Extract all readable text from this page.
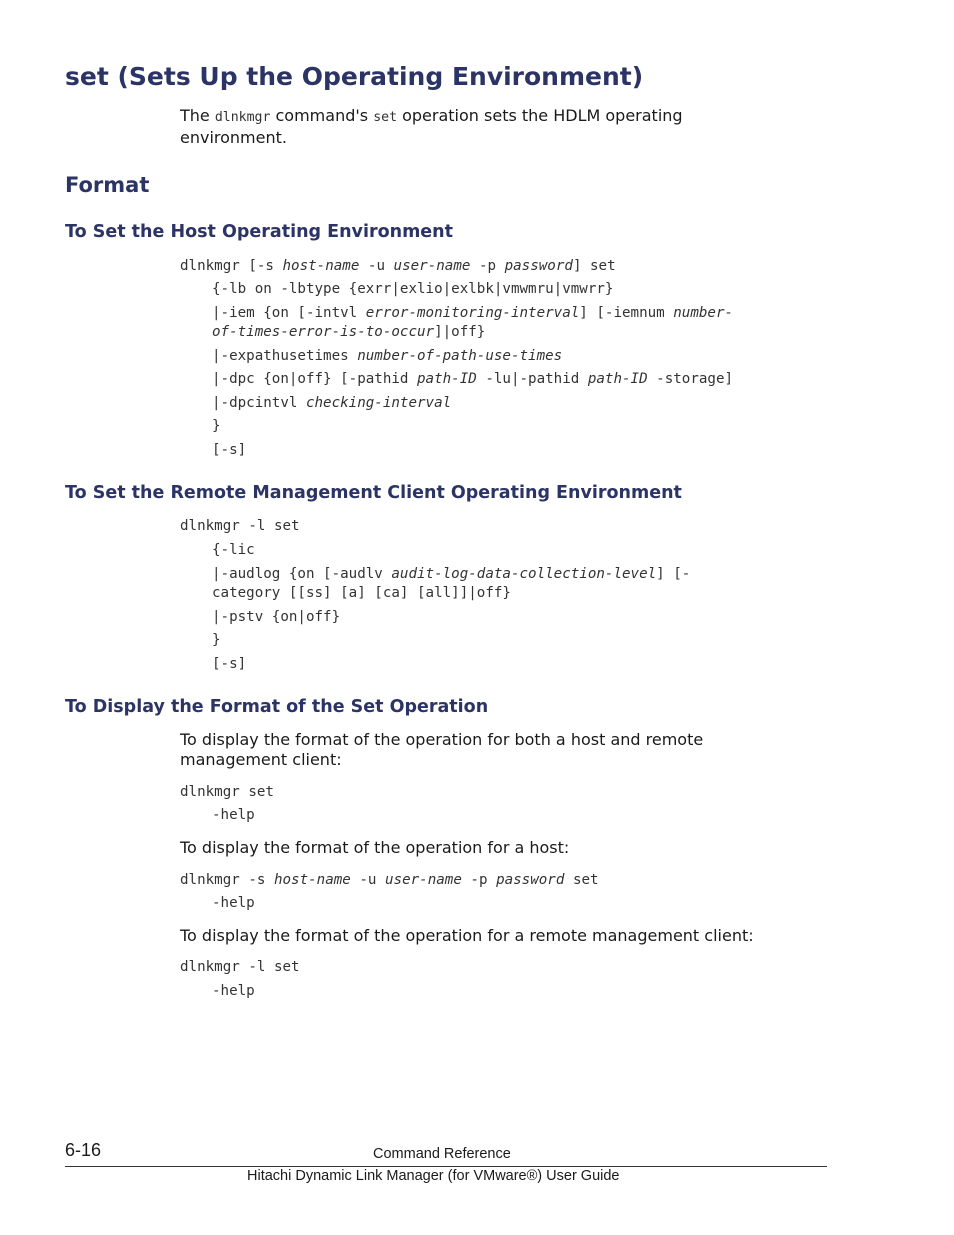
set (Sets Up the Operating Environment)

The dlnkmgr command's set operation sets the HDLM operating
environment.

Format
To Set the Host Operating Environment
dlnkmgr [-s host-name -u user-name -p password] set
{-lb on -lbtype {exrr|exlio|exlbk|vmwmru|vmwrr}
|-iem {on [-intvl error-monitoring-interval] [-iemnum number-
of-times-error-is-to-occur]|off}
|-expathusetimes number-of-path-use-times
|-dpc {on|off} [-pathid path-ID -lu|-pathid path-ID -storage]
|-dpcintvl checking-interval
}
[-s]
To Set the Remote Management Client Operating Environment
dlnkmgr -l set
{-lic
|-audlog {on [-audlv audit-log-data-collection-level] [-
category [[ss] [a] [ca] [all]]|off}
|-pstv {on|off}
}
[-s]
To Display the Format of the Set Operation

To display the format of the operation for both a host and remote
management client:

dlnkmgr set
-help

To display the format of the operation for a host:

dlnkmgr -s host-name -u user-name -p password set
-help

To display the format of the operation for a remote management client:

dlnkmgr -l set
-help
6-16	Command Reference
Hitachi Dynamic Link Manager (for VMware®) User Guide
